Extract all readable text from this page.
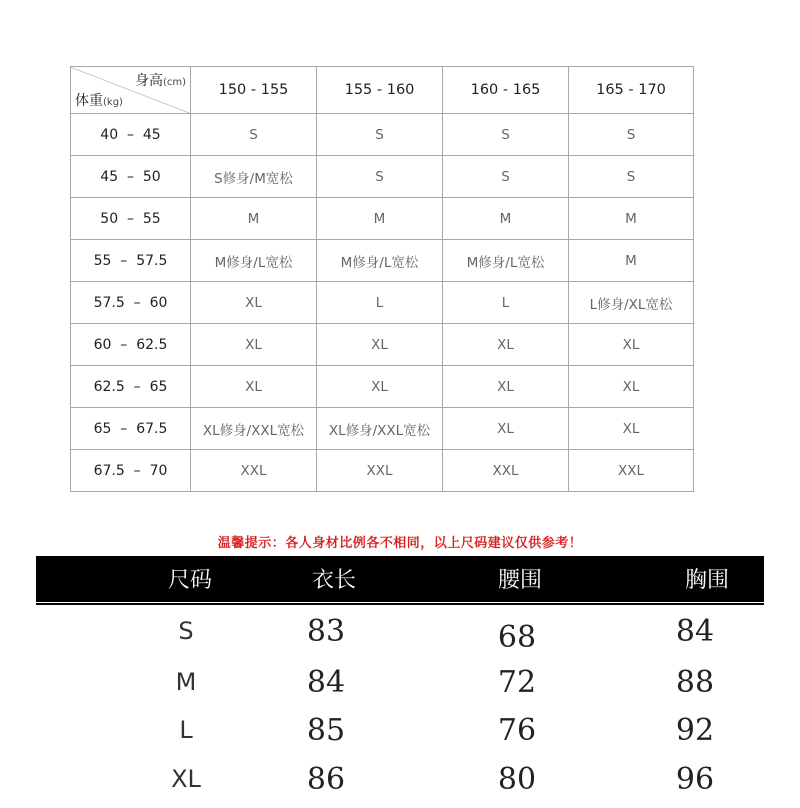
身高(cm)
体重(kg)	150 - 155	155 - 160	160 - 165	165 - 170
40  –  45	S	S	S	S
45  –  50	S修身/M宽松	S	S	S
50  –  55	M	M	M	M
55  –  57.5	M修身/L宽松	M修身/L宽松	M修身/L宽松	M
57.5  –  60	XL	L	L	L修身/XL宽松
60  –  62.5	XL	XL	XL	XL
62.5  –  65	XL	XL	XL	XL
65  –  67.5	XL修身/XXL宽松	XL修身/XXL宽松	XL	XL
67.5  –  70	XXL	XXL	XXL	XXL
温馨提示：各人身材比例各不相同，以上尺码建议仅供参考！
尺码	衣长	腰围	胸围
S	83	68	84
M	84	72	88
L	85	76	92
XL	86	80	96
